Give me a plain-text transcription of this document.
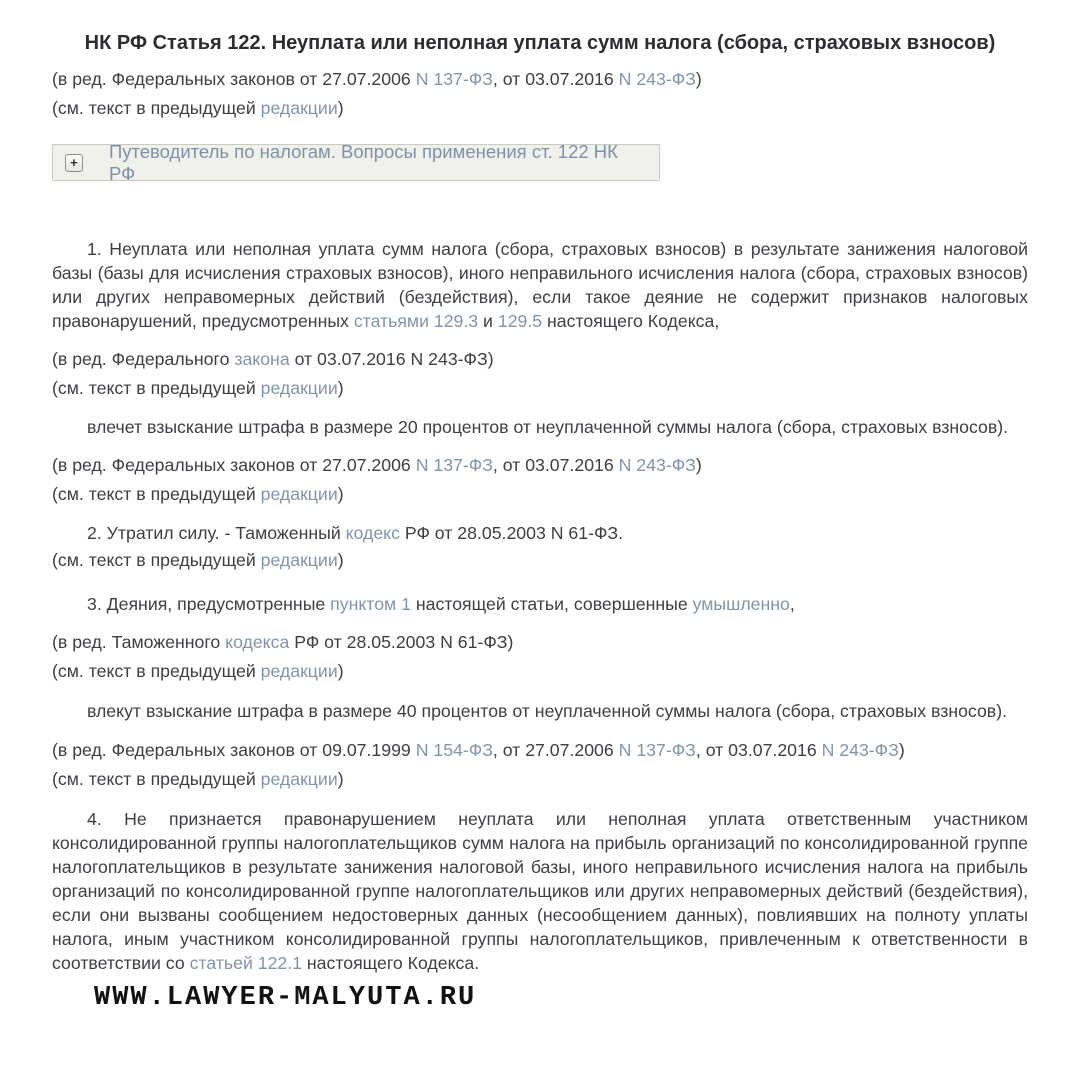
НК РФ Статья 122. Неуплата или неполная уплата сумм налога (сбора, страховых взносов)

(в ред. Федеральных законов от 27.07.2006 N 137-ФЗ, от 03.07.2016 N 243-ФЗ)

(см. текст в предыдущей редакции)

+
Путеводитель по налогам. Вопросы применения ст. 122 НК РФ

1. Неуплата или неполная уплата сумм налога (сбора, страховых взносов) в результате занижения налоговой базы (базы для исчисления страховых взносов), иного неправильного исчисления налога (сбора, страховых взносов) или других неправомерных действий (бездействия), если такое деяние не содержит признаков налоговых правонарушений, предусмотренных статьями 129.3 и 129.5 настоящего Кодекса,

(в ред. Федерального закона от 03.07.2016 N 243-ФЗ)

(см. текст в предыдущей редакции)

влечет взыскание штрафа в размере 20 процентов от неуплаченной суммы налога (сбора, страховых взносов).

(в ред. Федеральных законов от 27.07.2006 N 137-ФЗ, от 03.07.2016 N 243-ФЗ)

(см. текст в предыдущей редакции)

2. Утратил силу. - Таможенный кодекс РФ от 28.05.2003 N 61-ФЗ.

(см. текст в предыдущей редакции)

3. Деяния, предусмотренные пунктом 1 настоящей статьи, совершенные умышленно,

(в ред. Таможенного кодекса РФ от 28.05.2003 N 61-ФЗ)

(см. текст в предыдущей редакции)

влекут взыскание штрафа в размере 40 процентов от неуплаченной суммы налога (сбора, страховых взносов).

(в ред. Федеральных законов от 09.07.1999 N 154-ФЗ, от 27.07.2006 N 137-ФЗ, от 03.07.2016 N 243-ФЗ)

(см. текст в предыдущей редакции)

4. Не признается правонарушением неуплата или неполная уплата ответственным участником консолидированной группы налогоплательщиков сумм налога на прибыль организаций по консолидированной группе налогоплательщиков в результате занижения налоговой базы, иного неправильного исчисления налога на прибыль организаций по консолидированной группе налогоплательщиков или других неправомерных действий (бездействия), если они вызваны сообщением недостоверных данных (несообщением данных), повлиявших на полноту уплаты налога, иным участником консолидированной группы налогоплательщиков, привлеченным к ответственности в соответствии со статьей 122.1 настоящего Кодекса.

WWW.LAWYER-MALYUTA.RU
